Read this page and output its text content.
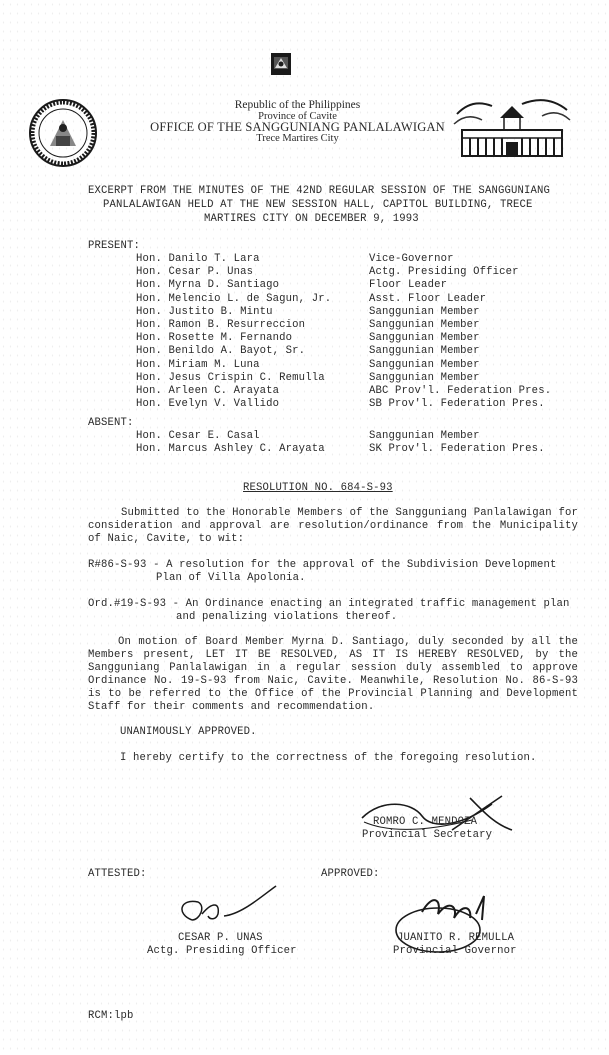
Republic of the Philippines
Province of Cavite
OFFICE OF THE SANGGUNIANG PANLALAWIGAN
Trece Martires City
EXCERPT FROM THE MINUTES OF THE 42ND REGULAR SESSION OF THE SANGGUNIANG
PANLALAWIGAN HELD AT THE NEW SESSION HALL, CAPITOL BUILDING, TRECE
MARTIRES CITY ON DECEMBER 9, 1993
PRESENT:
Hon. Danilo T. Lara	Vice-Governor
Hon. Cesar P. Unas	Actg. Presiding Officer
Hon. Myrna D. Santiago	Floor Leader
Hon. Melencio L. de Sagun, Jr.	Asst. Floor Leader
Hon. Justito B. Mintu	Sanggunian Member
Hon. Ramon B. Resurreccion	Sanggunian Member
Hon. Rosette M. Fernando	Sanggunian Member
Hon. Benildo A. Bayot, Sr.	Sanggunian Member
Hon. Miriam M. Luna	Sanggunian Member
Hon. Jesus Crispin C. Remulla	Sanggunian Member
Hon. Arleen C. Arayata	ABC Prov'l. Federation Pres.
Hon. Evelyn V. Vallido	SB Prov'l. Federation Pres.
ABSENT:
Hon. Cesar E. Casal	Sanggunian Member
Hon. Marcus Ashley C. Arayata	SK Prov'l. Federation Pres.
RESOLUTION NO. 684-S-93
Submitted to the Honorable Members of the Sangguniang Panlalawigan for consideration and approval are resolution/ordinance from the Municipality of Naic, Cavite, to wit:
R#86-S-93 - A resolution for the approval of the Subdivision Development
Plan of Villa Apolonia.
Ord.#19-S-93 - An Ordinance enacting an integrated traffic management plan
and penalizing violations thereof.
On motion of Board Member Myrna D. Santiago, duly seconded by all the Members present, LET IT BE RESOLVED, AS IT IS HEREBY RESOLVED, by the Sangguniang Panlalawigan in a regular session duly assembled to approve Ordinance No. 19-S-93 from Naic, Cavite. Meanwhile, Resolution No. 86-S-93 is to be referred to the Office of the Provincial Planning and Development Staff for their comments and recommendation.
UNANIMOUSLY APPROVED.
I hereby certify to the correctness of the foregoing resolution.
ROMRO C. MENDOZA
Provincial Secretary
ATTESTED:	APPROVED:
CESAR P. UNAS
Actg. Presiding Officer
JUANITO R. REMULLA
Provincial Governor
RCM:lpb
